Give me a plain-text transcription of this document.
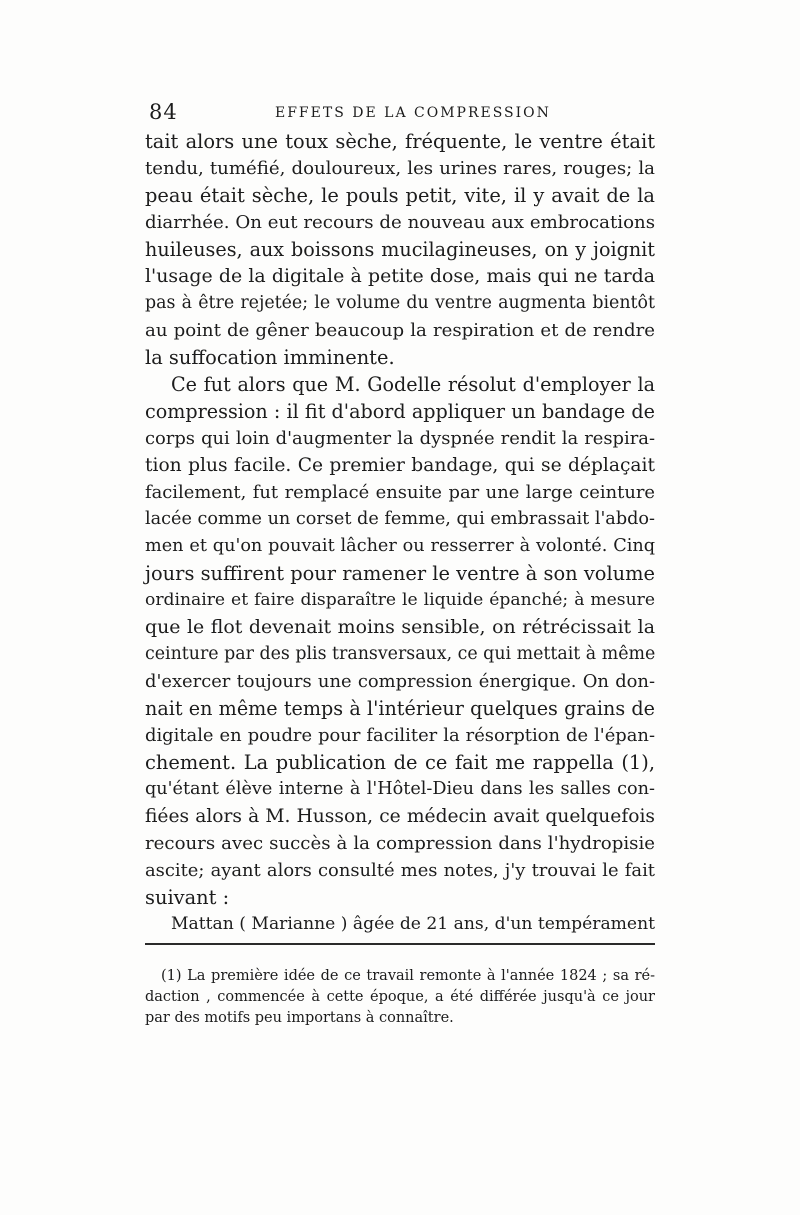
84	EFFETS DE LA COMPRESSION
tait alors une toux sèche, fréquente, le ventre était
tendu, tuméfié, douloureux, les urines rares, rouges; la
peau était sèche, le pouls petit, vite, il y avait de la
diarrhée. On eut recours de nouveau aux embrocations
huileuses, aux boissons mucilagineuses, on y joignit
l'usage de la digitale à petite dose, mais qui ne tarda
pas à être rejetée; le volume du ventre augmenta bientôt
au point de gêner beaucoup la respiration et de rendre
la suffocation imminente.
Ce fut alors que M. Godelle résolut d'employer la
compression : il fit d'abord appliquer un bandage de
corps qui loin d'augmenter la dyspnée rendit la respira-
tion plus facile. Ce premier bandage, qui se déplaçait
facilement, fut remplacé ensuite par une large ceinture
lacée comme un corset de femme, qui embrassait l'abdo-
men et qu'on pouvait lâcher ou resserrer à volonté. Cinq
jours suffirent pour ramener le ventre à son volume
ordinaire et faire disparaître le liquide épanché; à mesure
que le flot devenait moins sensible, on rétrécissait la
ceinture par des plis transversaux, ce qui mettait à même
d'exercer toujours une compression énergique. On don-
nait en même temps à l'intérieur quelques grains de
digitale en poudre pour faciliter la résorption de l'épan-
chement. La publication de ce fait me rappella (1),
qu'étant élève interne à l'Hôtel-Dieu dans les salles con-
fiées alors à M. Husson, ce médecin avait quelquefois
recours avec succès à la compression dans l'hydropisie
ascite; ayant alors consulté mes notes, j'y trouvai le fait
suivant :
Mattan ( Marianne ) âgée de 21 ans, d'un tempérament
(1) La première idée de ce travail remonte à l'année 1824 ; sa ré-
daction , commencée à cette époque, a été différée jusqu'à ce jour
par des motifs peu importans à connaître.
